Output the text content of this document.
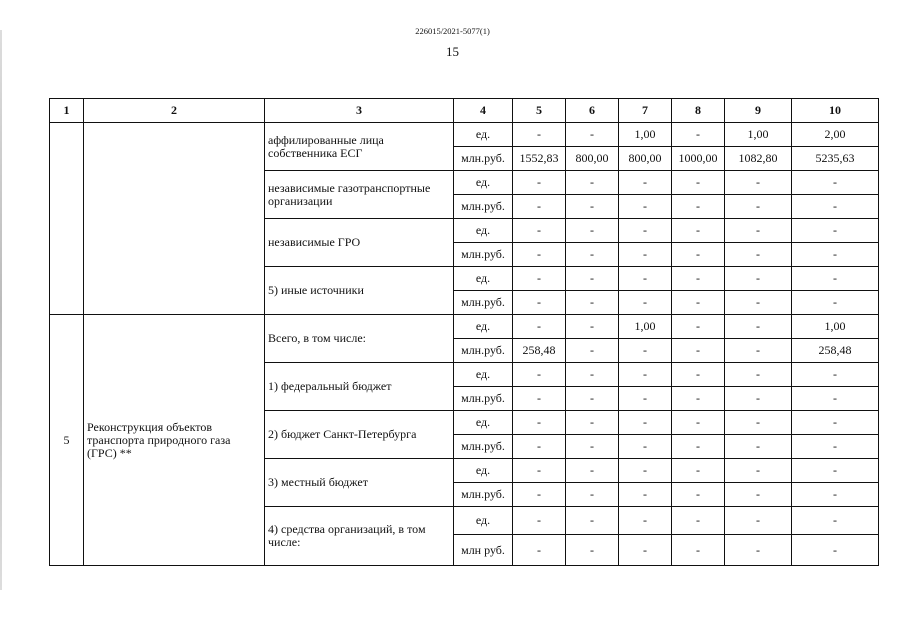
226015/2021-5077(1)
15
1	2	3	4	5	6	7	8	9	10
		аффилированные лица собственника ЕСГ	ед.	-	-	1,00	-	1,00	2,00
			млн.руб.	1552,83	800,00	800,00	1000,00	1082,80	5235,63
		независимые газотранспортные организации	ед.	-	-	-	-	-	-
			млн.руб.	-	-	-	-	-	-
		независимые ГРО	ед.	-	-	-	-	-	-
			млн.руб.	-	-	-	-	-	-
		5) иные источники	ед.	-	-	-	-	-	-
			млн.руб.	-	-	-	-	-	-
5	Реконструкция объектов транспорта природного газа (ГРС) **	Всего, в том числе:	ед.	-	-	1,00	-	-	1,00
			млн.руб.	258,48	-	-	-	-	258,48
		1) федеральный бюджет	ед.	-	-	-	-	-	-
			млн.руб.	-	-	-	-	-	-
		2) бюджет Санкт-Петербурга	ед.	-	-	-	-	-	-
			млн.руб.	-	-	-	-	-	-
		3) местный бюджет	ед.	-	-	-	-	-	-
			млн.руб.	-	-	-	-	-	-
		4) средства организаций, в том числе:	ед.	-	-	-	-	-	-
			млн руб.	-	-	-	-	-	-
